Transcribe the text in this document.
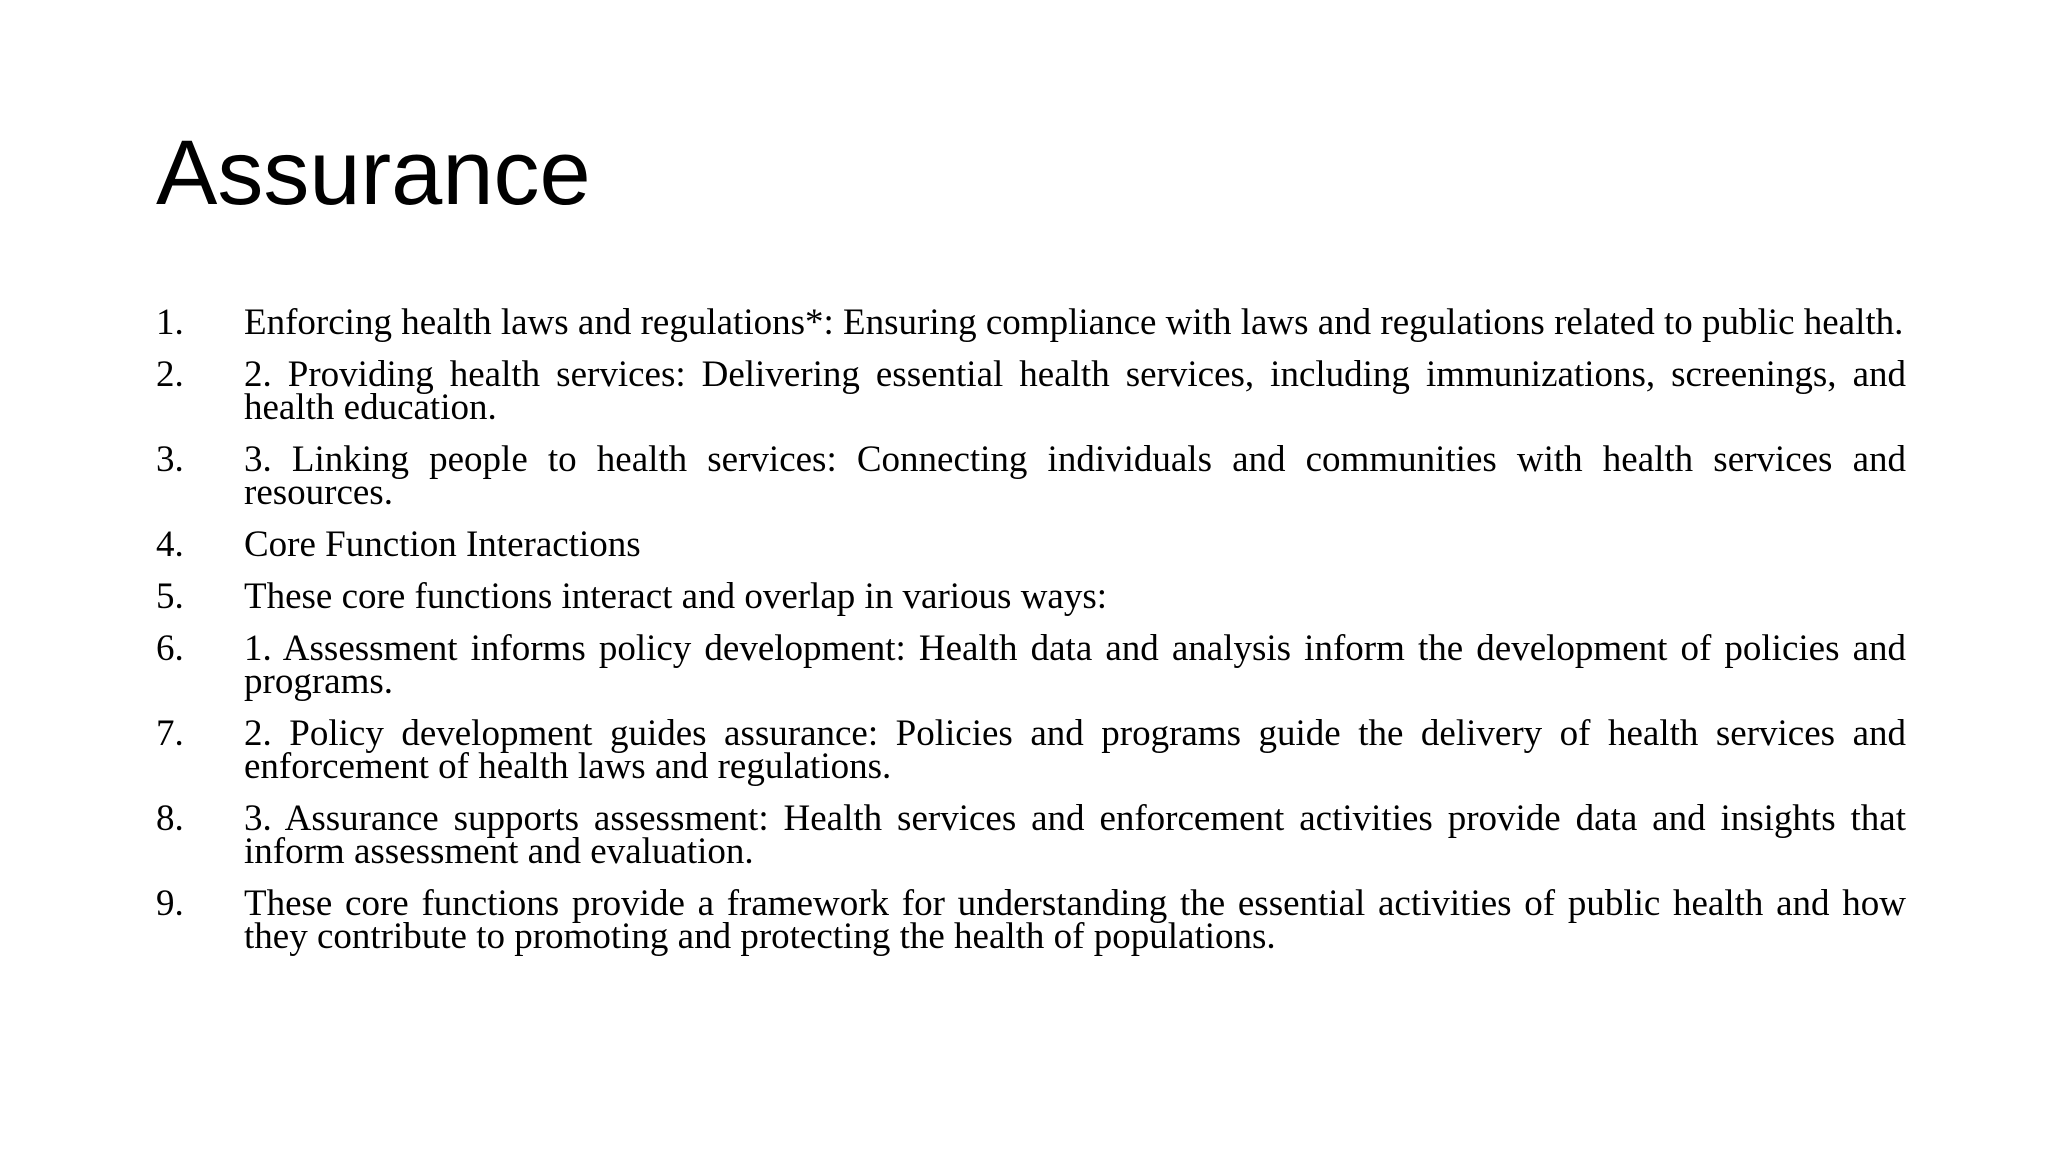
Assurance
1.	Enforcing health laws and regulations*: Ensuring compliance with laws and regulations related to public health.
2.	2. Providing health services: Delivering essential health services, including immunizations, screenings, and health education.
3.	3. Linking people to health services: Connecting individuals and communities with health services and resources.
4.	Core Function Interactions
5.	These core functions interact and overlap in various ways:
6.	1. Assessment informs policy development: Health data and analysis inform the development of policies and programs.
7.	2. Policy development guides assurance: Policies and programs guide the delivery of health services and enforcement of health laws and regulations.
8.	3. Assurance supports assessment: Health services and enforcement activities provide data and insights that inform assessment and evaluation.
9.	These core functions provide a framework for understanding the essential activities of public health and how they contribute to promoting and protecting the health of populations.
